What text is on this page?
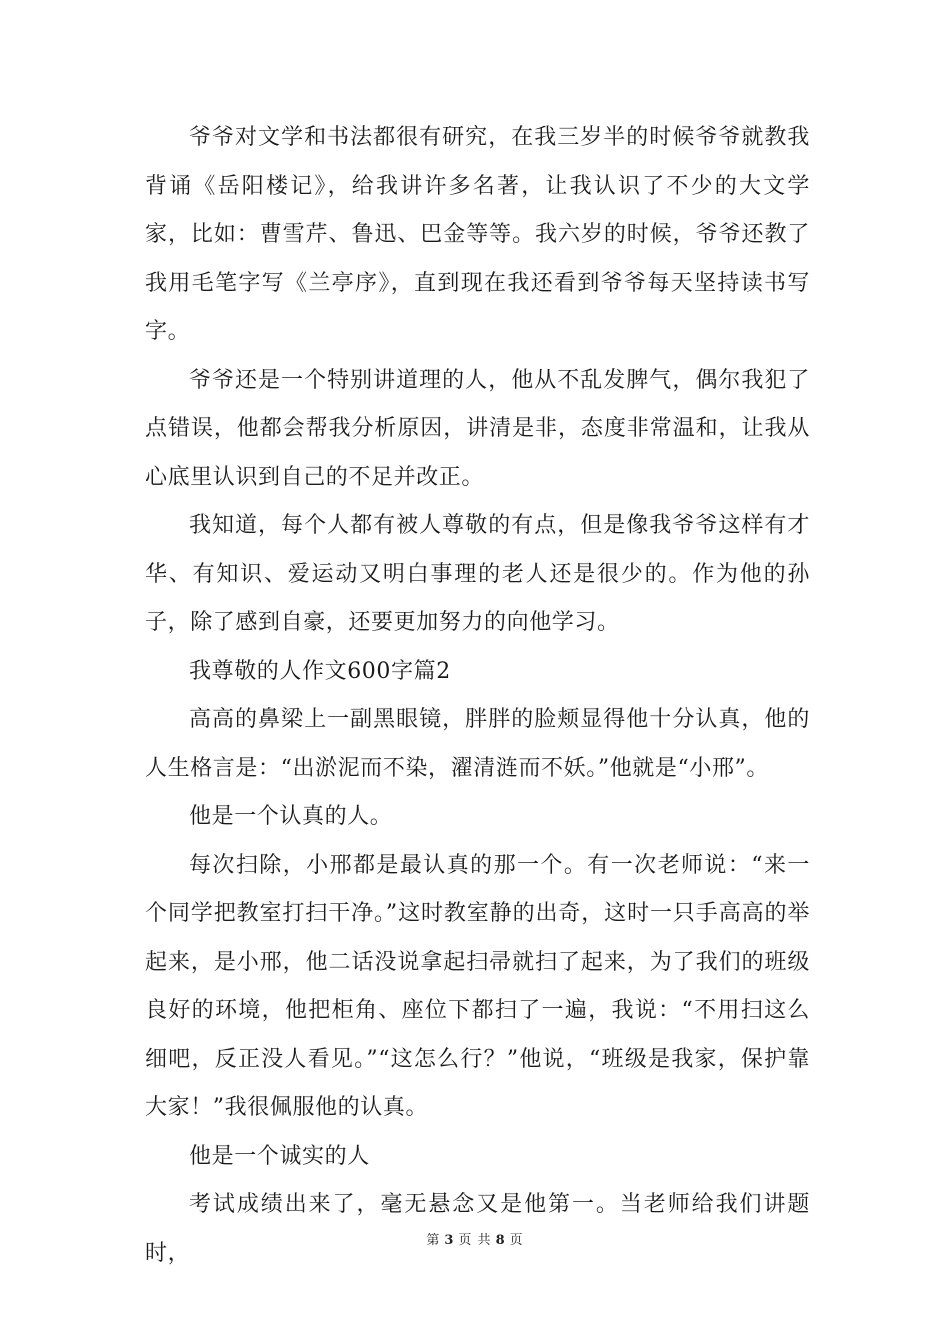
爷爷对文学和书法都很有研究，在我三岁半的时候爷爷就教我背诵《岳阳楼记》，给我讲许多名著，让我认识了不少的大文学家，比如：曹雪芹、鲁迅、巴金等等。我六岁的时候，爷爷还教了我用毛笔字写《兰亭序》，直到现在我还看到爷爷每天坚持读书写字。

爷爷还是一个特别讲道理的人，他从不乱发脾气，偶尔我犯了点错误，他都会帮我分析原因，讲清是非，态度非常温和，让我从心底里认识到自己的不足并改正。

我知道，每个人都有被人尊敬的有点，但是像我爷爷这样有才华、有知识、爱运动又明白事理的老人还是很少的。作为他的孙子，除了感到自豪，还要更加努力的向他学习。

我尊敬的人作文600字篇2

高高的鼻梁上一副黑眼镜，胖胖的脸颊显得他十分认真，他的人生格言是：“出淤泥而不染，濯清涟而不妖。”他就是“小邢”。

他是一个认真的人。

每次扫除，小邢都是最认真的那一个。有一次老师说：“来一个同学把教室打扫干净。”这时教室静的出奇，这时一只手高高的举起来，是小邢，他二话没说拿起扫帚就扫了起来，为了我们的班级良好的环境，他把柜角、座位下都扫了一遍，我说：“不用扫这么细吧，反正没人看见。”“这怎么行？”他说，“班级是我家，保护靠大家！”我很佩服他的认真。

他是一个诚实的人

考试成绩出来了，毫无悬念又是他第一。当老师给我们讲题时，	第 3 页 共 8 页
